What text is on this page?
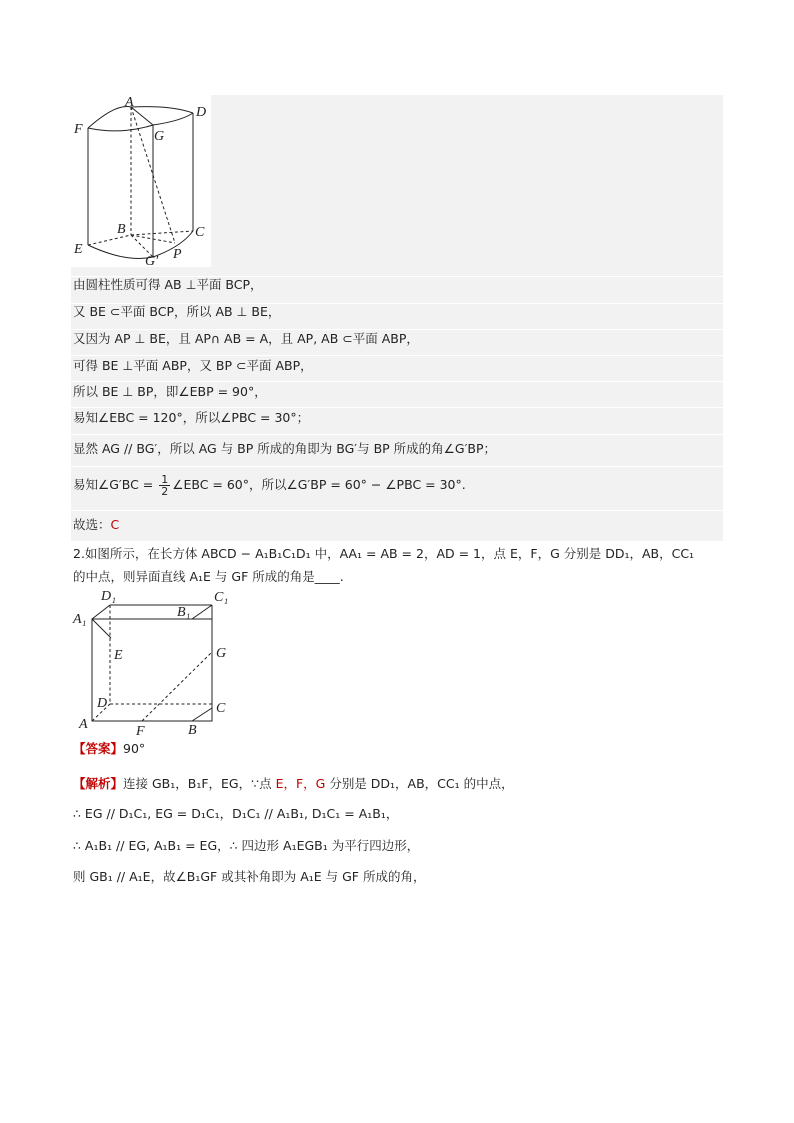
A
D
F	G
B	C
E	P
G′
由圆柱性质可得 AB ⊥平面 BCP，
又 BE ⊂平面 BCP，所以 AB ⊥ BE，
又因为 AP ⊥ BE，且 AP∩ AB = A，且 AP, AB ⊂平面 ABP，
可得 BE ⊥平面 ABP，又 BP ⊂平面 ABP，
所以 BE ⊥ BP，即∠EBP = 90°，
易知∠EBC = 120°，所以∠PBC = 30°；
显然 AG // BG′，所以 AG 与 BP 所成的角即为 BG′与 BP 所成的角∠G′BP；
易知∠G′BC = $\frac{1}{2}$ ∠EBC = 60°，所以∠G′BP = 60° − ∠PBC = 30°.
故选：C
2.如图所示，在长方体 ABCD − A₁B₁C₁D₁ 中，AA₁ = AB = 2，AD = 1，点 E，F，G 分别是 DD₁，AB，CC₁
的中点，则异面直线 A₁E 与 GF 所成的角是____.
D₁
B₁
C₁
A₁
E	G
D	C
A	F	B
【答案】90°
【解析】连接 GB₁，B₁F，EG，∵点 E，F，G 分别是 DD₁，AB，CC₁ 的中点，
∴ EG // D₁C₁, EG = D₁C₁，D₁C₁ // A₁B₁, D₁C₁ = A₁B₁，
∴ A₁B₁ // EG, A₁B₁ = EG，∴ 四边形 A₁EGB₁ 为平行四边形，
则 GB₁ // A₁E，故∠B₁GF 或其补角即为 A₁E 与 GF 所成的角，
